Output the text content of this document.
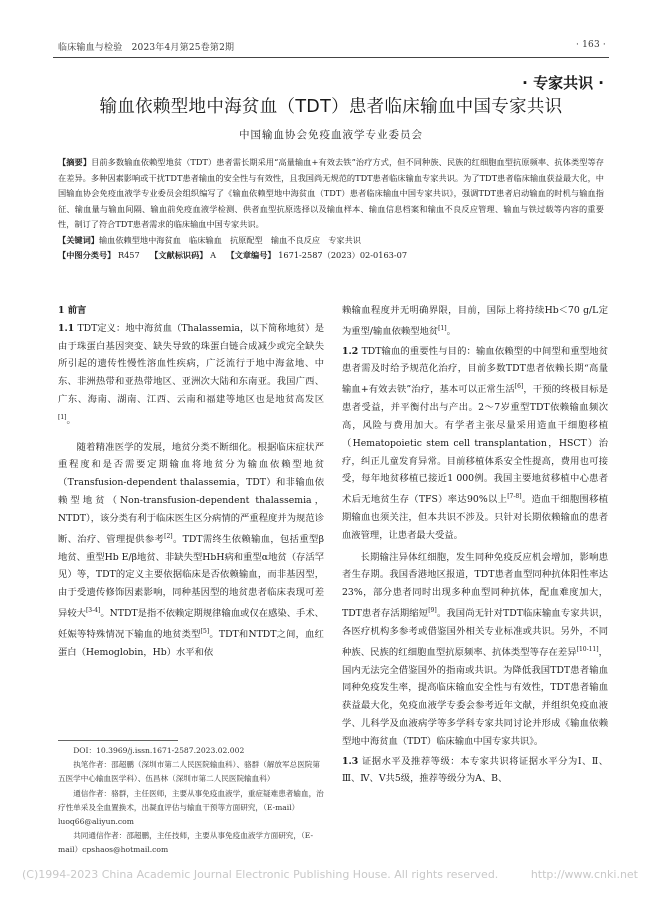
临床输血与检验 2023年4月第25卷第2期	· 163 ·
· 专家共识 ·
输血依赖型地中海贫血（TDT）患者临床输血中国专家共识
中国输血协会免疫血液学专业委员会

【摘要】目前多数输血依赖型地贫（TDT）患者需长期采用“高量输血+有效去铁”治疗方式，但不同种族、民族的红细胞血型抗原频率、抗体类型等存在差异。多种因素影响或干扰TDT患者输血的安全性与有效性，且我国尚无规范的TDT患者临床输血专家共识。为了TDT患者临床输血获益最大化，中国输血协会免疫血液学专业委员会组织编写了《输血依赖型地中海贫血（TDT）患者临床输血中国专家共识》，强调TDT患者启动输血的时机与输血指征、输血量与输血间隔、输血前免疫血液学检测、供者血型抗原选择以及输血样本、输血信息档案和输血不良反应管理、输血与铁过载等内容的重要性，制订了符合TDT患者需求的临床输血中国专家共识。

【关键词】输血依赖型地中海贫血　临床输血　抗原配型　输血不良反应　专家共识

【中图分类号】 R457 【文献标识码】 A 【文章编号】 1671-2587（2023）02-0163-07

1 前言

1.1 TDT定义：地中海贫血（Thalassemia，以下简称地贫）是由于珠蛋白基因突变、缺失导致的珠蛋白链合成减少或完全缺失所引起的遗传性慢性溶血性疾病，广泛流行于地中海盆地、中东、非洲热带和亚热带地区、亚洲次大陆和东南亚。我国广西、广东、海南、湖南、江西、云南和福建等地区也是地贫高发区[1]。

随着精准医学的发展，地贫分类不断细化。根据临床症状严重程度和是否需要定期输血将地贫分为输血依赖型地贫（Transfusion-dependent thalassemia，TDT）和非输血依赖型地贫（Non-transfusion-dependent thalassemia，NTDT），该分类有利于临床医生区分病情的严重程度并为规范诊断、治疗、管理提供参考[2]。TDT需终生依赖输血，包括重型β地贫、重型Hb E/β地贫、非缺失型HbH病和重型α地贫（存活罕见）等，TDT的定义主要依据临床是否依赖输血，而非基因型，由于受遗传修饰因素影响，同种基因型的地贫患者临床表现可差异较大[3-4]。NTDT是指不依赖定期规律输血或仅在感染、手术、妊娠等特殊情况下输血的地贫类型[5]。TDT和NTDT之间，血红蛋白（Hemoglobin，Hb）水平和依

DOI：10.3969/j.issn.1671-2587.2023.02.002

执笔作者：邵超鹏（深圳市第二人民医院输血科）、骆群（解放军总医院第五医学中心输血医学科）、伍昌林（深圳市第二人民医院输血科）

通信作者：骆群，主任医师，主要从事免疫血液学，重症疑难患者输血，治疗性单采及全血置换术，出凝血评估与输血干预等方面研究，（E-mail）luoq66@aliyun.com

共同通信作者：邵超鹏，主任技师，主要从事免疫血液学方面研究，（E-mail）cpshaos@hotmail.com

赖输血程度并无明确界限，目前，国际上将持续Hb＜70 g/L定为重型/输血依赖型地贫[1]。

1.2 TDT输血的重要性与目的：输血依赖型的中间型和重型地贫患者需及时给予规范化治疗，目前多数TDT患者依赖长期“高量输血+有效去铁”治疗，基本可以正常生活[6]，干预的终极目标是患者受益，并平衡付出与产出。2～7岁重型TDT依赖输血频次高，风险与费用加大。有学者主张尽量采用造血干细胞移植（Hematopoietic stem cell transplantation，HSCT）治疗，纠正儿童发育异常。目前移植体系安全性提高，费用也可接受，每年地贫移植已接近1 000例。我国主要地贫移植中心患者术后无地贫生存（TFS）率达90%以上[7-8]。造血干细胞围移植期输血也须关注，但本共识不涉及。只针对长期依赖输血的患者血液管理，让患者最大受益。

长期输注异体红细胞，发生同种免疫反应机会增加，影响患者生存期。我国香港地区报道，TDT患者血型同种抗体阳性率达23%，部分患者同时出现多种血型同种抗体，配血难度加大，TDT患者存活期缩短[9]。我国尚无针对TDT临床输血专家共识，各医疗机构多参考或借鉴国外相关专业标准或共识。另外，不同种族、民族的红细胞血型抗原频率、抗体类型等存在差异[10-11]，国内无法完全借鉴国外的指南或共识。为降低我国TDT患者输血同种免疫发生率，提高临床输血安全性与有效性，TDT患者输血获益最大化，免疫血液学专委会参考近年文献，并组织免疫血液学、儿科学及血液病学等多学科专家共同讨论并形成《输血依赖型地中海贫血（TDT）临床输血中国专家共识》。

1.3 证据水平及推荐等级：本专家共识将证据水平分为Ⅰ、Ⅱ、Ⅲ、Ⅳ、Ⅴ共5级，推荐等级分为A、B、

(C)1994-2023 China Academic Journal Electronic Publishing House. All rights reserved.	http://www.cnki.net
